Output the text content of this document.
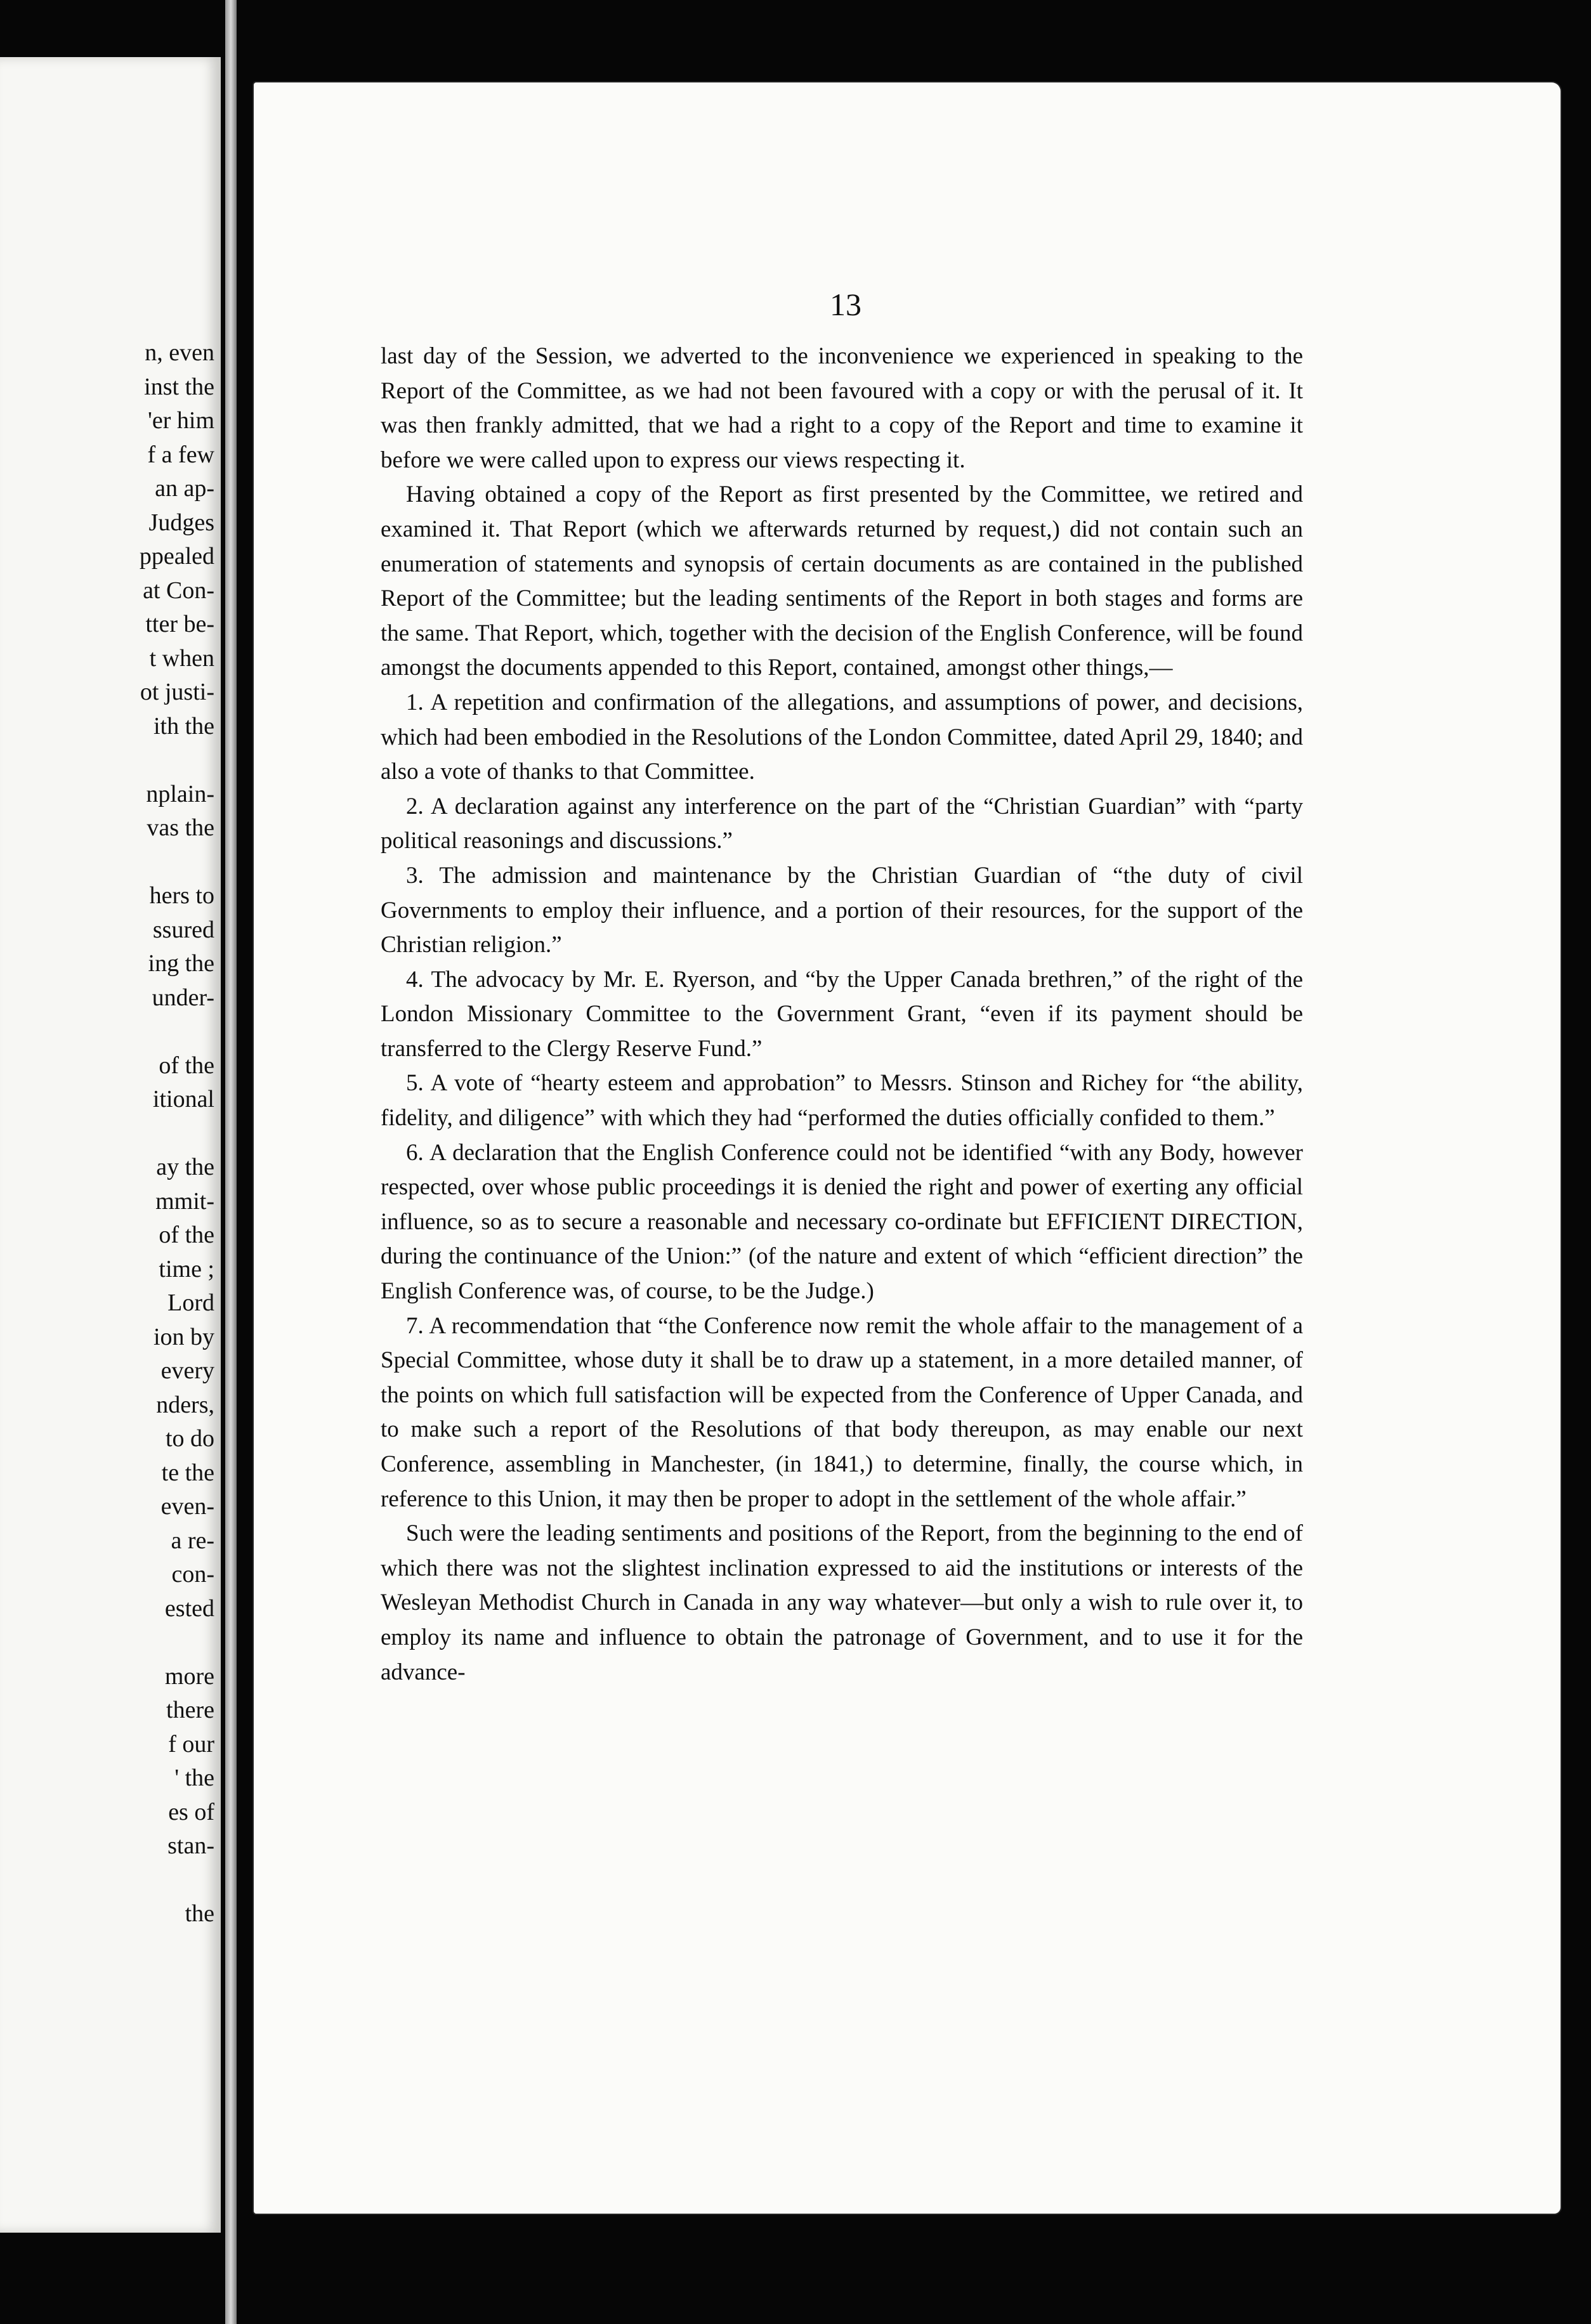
n, even
inst the
'er him
f a few
an ap-
Judges
ppealed
at Con-
tter be-
t when
ot justi-
ith the

nplain-
vas the

hers to
ssured
ing the
under-

of the
itional

ay the
mmit-
of the
time ;
Lord
ion by
every
nders,
to do
te the
even-
a re-
con-
ested

more
there
f our
' the
es of
stan-

the
13

last day of the Session, we adverted to the inconvenience we experienced in speaking to the Report of the Committee, as we had not been favoured with a copy or with the perusal of it. It was then frankly admitted, that we had a right to a copy of the Report and time to examine it before we were called upon to express our views respecting it.

Having obtained a copy of the Report as first presented by the Committee, we retired and examined it. That Report (which we afterwards returned by request,) did not contain such an enumeration of statements and synopsis of certain documents as are contained in the published Report of the Committee; but the leading sentiments of the Report in both stages and forms are the same. That Report, which, together with the decision of the English Conference, will be found amongst the documents appended to this Report, contained, amongst other things,—

1. A repetition and confirmation of the allegations, and assumptions of power, and decisions, which had been embodied in the Resolutions of the London Committee, dated April 29, 1840; and also a vote of thanks to that Committee.

2. A declaration against any interference on the part of the “Christian Guardian” with “party political reasonings and discussions.”

3. The admission and maintenance by the Christian Guardian of “the duty of civil Governments to employ their influence, and a portion of their resources, for the support of the Christian religion.”

4. The advocacy by Mr. E. Ryerson, and “by the Upper Canada brethren,” of the right of the London Missionary Committee to the Government Grant, “even if its payment should be transferred to the Clergy Reserve Fund.”

5. A vote of “hearty esteem and approbation” to Messrs. Stinson and Richey for “the ability, fidelity, and diligence” with which they had “performed the duties officially confided to them.”

6. A declaration that the English Conference could not be identified “with any Body, however respected, over whose public proceedings it is denied the right and power of exerting any official influence, so as to secure a reasonable and necessary co-ordinate but EFFICIENT DIRECTION, during the continuance of the Union:” (of the nature and extent of which “efficient direction” the English Conference was, of course, to be the Judge.)

7. A recommendation that “the Conference now remit the whole affair to the management of a Special Committee, whose duty it shall be to draw up a statement, in a more detailed manner, of the points on which full satisfaction will be expected from the Conference of Upper Canada, and to make such a report of the Resolutions of that body thereupon, as may enable our next Conference, assembling in Manchester, (in 1841,) to determine, finally, the course which, in reference to this Union, it may then be proper to adopt in the settlement of the whole affair.”

Such were the leading sentiments and positions of the Report, from the beginning to the end of which there was not the slightest inclination expressed to aid the institutions or interests of the Wesleyan Methodist Church in Canada in any way whatever—but only a wish to rule over it, to employ its name and influence to obtain the patronage of Government, and to use it for the advance-
